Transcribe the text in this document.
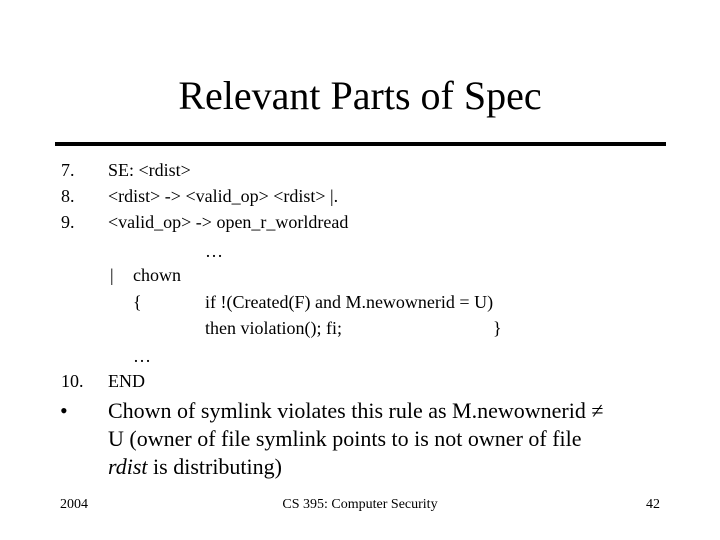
Relevant Parts of Spec
7. SE: <rdist>
8. <rdist> -> <valid_op> <rdist> |.
9. <valid_op> -> open_r_worldread
…
| chown
{	if !(Created(F) and M.newownerid = U)
then violation(); fi;	}
…
10. END
• Chown of symlink violates this rule as M.newownerid ≠
U (owner of file symlink points to is not owner of file
rdist is distributing)
2004	CS 395: Computer Security	42
